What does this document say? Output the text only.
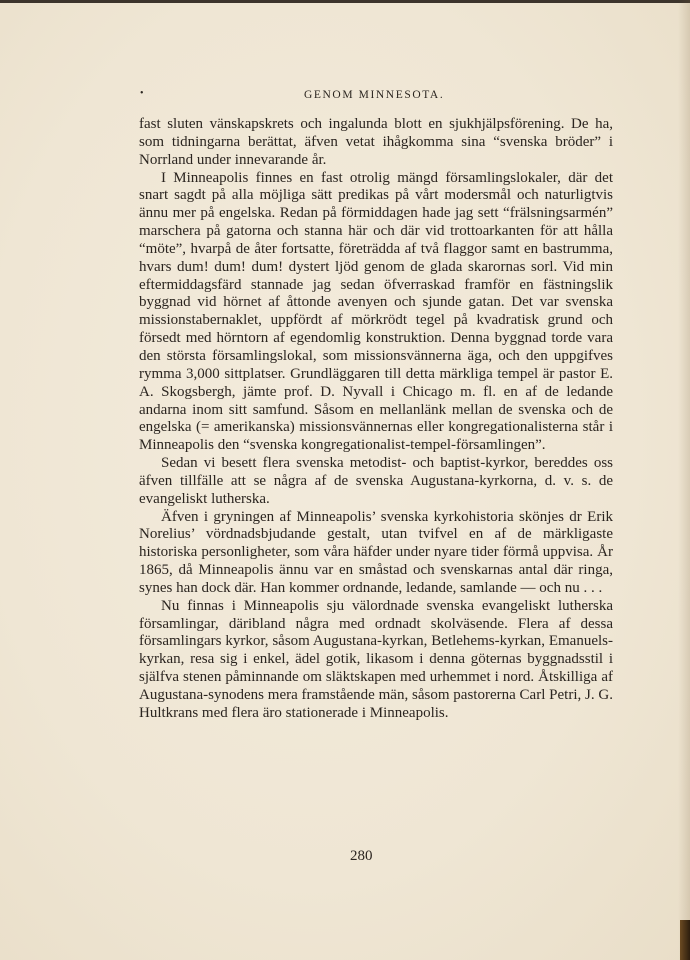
•	GENOM MINNESOTA.

fast sluten vänskapskrets och ingalunda blott en sjukhjälpsförening. De ha, som tidningarna berättat, äfven vetat ihågkomma sina “svenska bröder” i Norrland under innevarande år.

I Minneapolis finnes en fast otrolig mängd församlingslokaler, där det snart sagdt på alla möjliga sätt predikas på vårt modersmål och naturligtvis ännu mer på engelska. Redan på förmiddagen hade jag sett “frälsningsarmén” marschera på gatorna och stanna här och där vid trottoarkanten för att hålla “möte”, hvarpå de åter fortsatte, företrädda af två flaggor samt en bastrumma, hvars dum! dum! dum! dystert ljöd genom de glada skarornas sorl. Vid min eftermiddagsfärd stannade jag sedan öfverraskad framför en fästningslik byggnad vid hörnet af åttonde avenyen och sjunde gatan. Det var svenska missionstabernaklet, uppfördt af mörkrödt tegel på kvadratisk grund och försedt med hörntorn af egendomlig konstruktion. Denna byggnad torde vara den största församlingslokal, som missionsvännerna äga, och den uppgifves rymma 3,000 sittplatser. Grundläggaren till detta märkliga tempel är pastor E. A. Skogsbergh, jämte prof. D. Nyvall i Chicago m. fl. en af de ledande andarna inom sitt samfund. Såsom en mellanlänk mellan de svenska och de engelska (= amerikanska) missionsvännernas eller kongregationalisterna står i Minneapolis den “svenska kongregationalist-tempel-församlingen”.

Sedan vi besett flera svenska metodist- och baptist-kyrkor, bereddes oss äfven tillfälle att se några af de svenska Augustana-kyrkorna, d. v. s. de evangeliskt lutherska.

Äfven i gryningen af Minneapolis’ svenska kyrkohistoria skönjes dr Erik Norelius’ vördnadsbjudande gestalt, utan tvifvel en af de märkligaste historiska personligheter, som våra häfder under nyare tider förmå uppvisa. År 1865, då Minneapolis ännu var en småstad och svenskarnas antal där ringa, synes han dock där. Han kommer ordnande, ledande, samlande — och nu . . .

Nu finnas i Minneapolis sju välordnade svenska evangeliskt lutherska församlingar, däribland några med ordnadt skolväsende. Flera af dessa församlingars kyrkor, såsom Augustana-kyrkan, Betlehems-kyrkan, Emanuels-kyrkan, resa sig i enkel, ädel gotik, likasom i denna göternas byggnadsstil i själfva stenen påminnande om släktskapen med urhemmet i nord. Åtskilliga af Augustana-synodens mera framstående män, såsom pastorerna Carl Petri, J. G. Hultkrans med flera äro stationerade i Minneapolis.

280
